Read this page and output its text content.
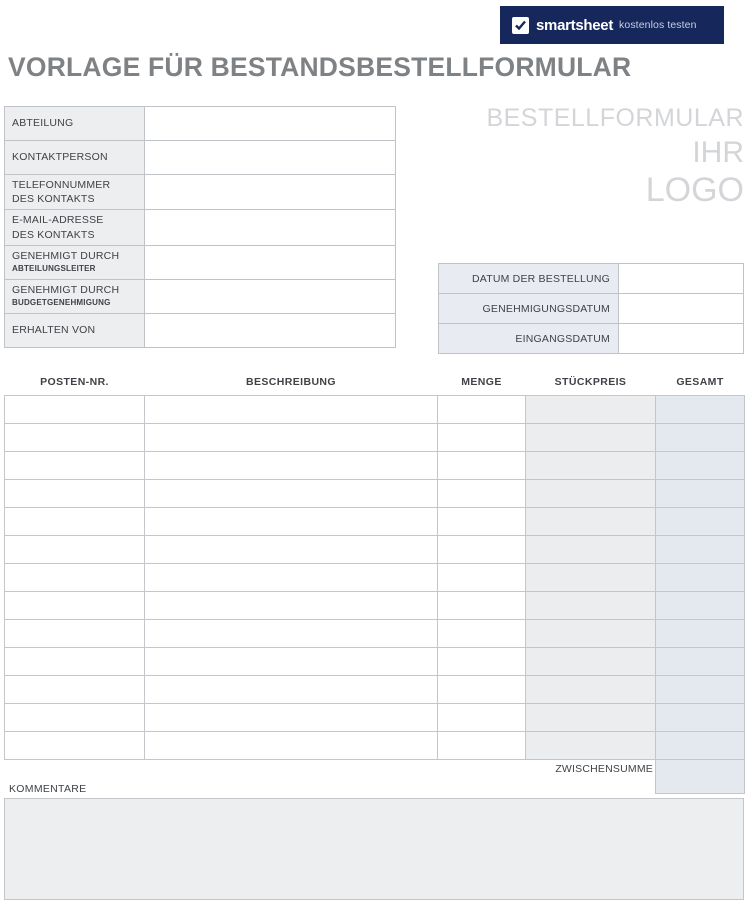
smartsheet kostenlos testen
VORLAGE FÜR BESTANDSBESTELLFORMULAR
BESTELLFORMULAR
IHR
LOGO
ABTEILUNG	

KONTAKTPERSON	

TELEFONNUMMER
DES KONTAKTS	

E-MAIL-ADRESSE
DES KONTAKTS	

GENEHMIGT DURCH
ABTEILUNGSLEITER	

GENEHMIGT DURCH
BUDGETGENEHMIGUNG	

ERHALTEN VON	

DATUM DER BESTELLUNG	
GENEHMIGUNGSDATUM	
EINGANGSDATUM	
POSTEN-NR.	BESCHREIBUNG	MENGE	STÜCKPREIS	GESAMT

			ZWISCHENSUMME	
KOMMENTARE
